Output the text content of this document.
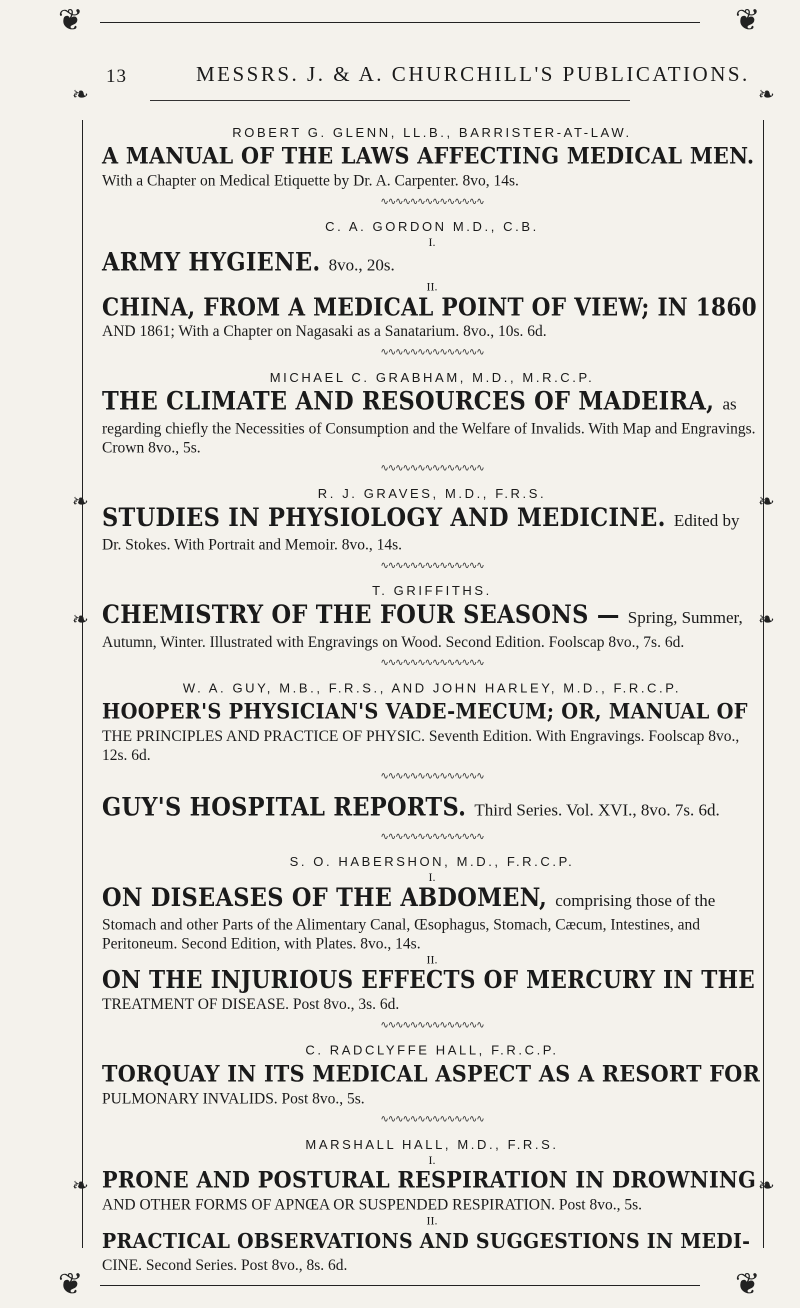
❦	❦
❦	❦
❧	❧
❧	❧
❧	❧
❧	❧
13	MESSRS. J. & A. CHURCHILL'S PUBLICATIONS.

ROBERT G. GLENN, LL.B., BARRISTER-AT-LAW.

A MANUAL OF THE LAWS AFFECTING MEDICAL MEN.

With a Chapter on Medical Etiquette by Dr. A. Carpenter. 8vo, 14s.

∿∿∿∿∿∿∿∿∿∿∿∿∿∿

C. A. GORDON M.D., C.B.

I.

ARMY HYGIENE. 8vo., 20s.

II.

CHINA, FROM A MEDICAL POINT OF VIEW; IN 1860

AND 1861; With a Chapter on Nagasaki as a Sanatarium. 8vo., 10s. 6d.

∿∿∿∿∿∿∿∿∿∿∿∿∿∿

MICHAEL C. GRABHAM, M.D., M.R.C.P.

THE CLIMATE AND RESOURCES OF MADEIRA, as

regarding chiefly the Necessities of Consumption and the Welfare of Invalids. With Map and Engravings. Crown 8vo., 5s.

∿∿∿∿∿∿∿∿∿∿∿∿∿∿

R. J. GRAVES, M.D., F.R.S.

STUDIES IN PHYSIOLOGY AND MEDICINE. Edited by

Dr. Stokes. With Portrait and Memoir. 8vo., 14s.

∿∿∿∿∿∿∿∿∿∿∿∿∿∿

T. GRIFFITHS.

CHEMISTRY OF THE FOUR SEASONS — Spring, Summer,

Autumn, Winter. Illustrated with Engravings on Wood. Second Edition. Foolscap 8vo., 7s. 6d.

∿∿∿∿∿∿∿∿∿∿∿∿∿∿

W. A. GUY, M.B., F.R.S., AND JOHN HARLEY, M.D., F.R.C.P.

HOOPER'S PHYSICIAN'S VADE-MECUM; OR, MANUAL OF

THE PRINCIPLES AND PRACTICE OF PHYSIC. Seventh Edition. With Engravings. Foolscap 8vo., 12s. 6d.

∿∿∿∿∿∿∿∿∿∿∿∿∿∿

GUY'S HOSPITAL REPORTS. Third Series. Vol. XVI., 8vo. 7s. 6d.

∿∿∿∿∿∿∿∿∿∿∿∿∿∿

S. O. HABERSHON, M.D., F.R.C.P.

I.

ON DISEASES OF THE ABDOMEN, comprising those of the

Stomach and other Parts of the Alimentary Canal, Œsophagus, Stomach, Cæcum, Intestines, and Peritoneum. Second Edition, with Plates. 8vo., 14s.

II.

ON THE INJURIOUS EFFECTS OF MERCURY IN THE

TREATMENT OF DISEASE. Post 8vo., 3s. 6d.

∿∿∿∿∿∿∿∿∿∿∿∿∿∿

C. RADCLYFFE HALL, F.R.C.P.

TORQUAY IN ITS MEDICAL ASPECT AS A RESORT FOR

PULMONARY INVALIDS. Post 8vo., 5s.

∿∿∿∿∿∿∿∿∿∿∿∿∿∿

MARSHALL HALL, M.D., F.R.S.

I.

PRONE AND POSTURAL RESPIRATION IN DROWNING

AND OTHER FORMS OF APNŒA OR SUSPENDED RESPIRATION. Post 8vo., 5s.

II.

PRACTICAL OBSERVATIONS AND SUGGESTIONS IN MEDI-

CINE. Second Series. Post 8vo., 8s. 6d.
